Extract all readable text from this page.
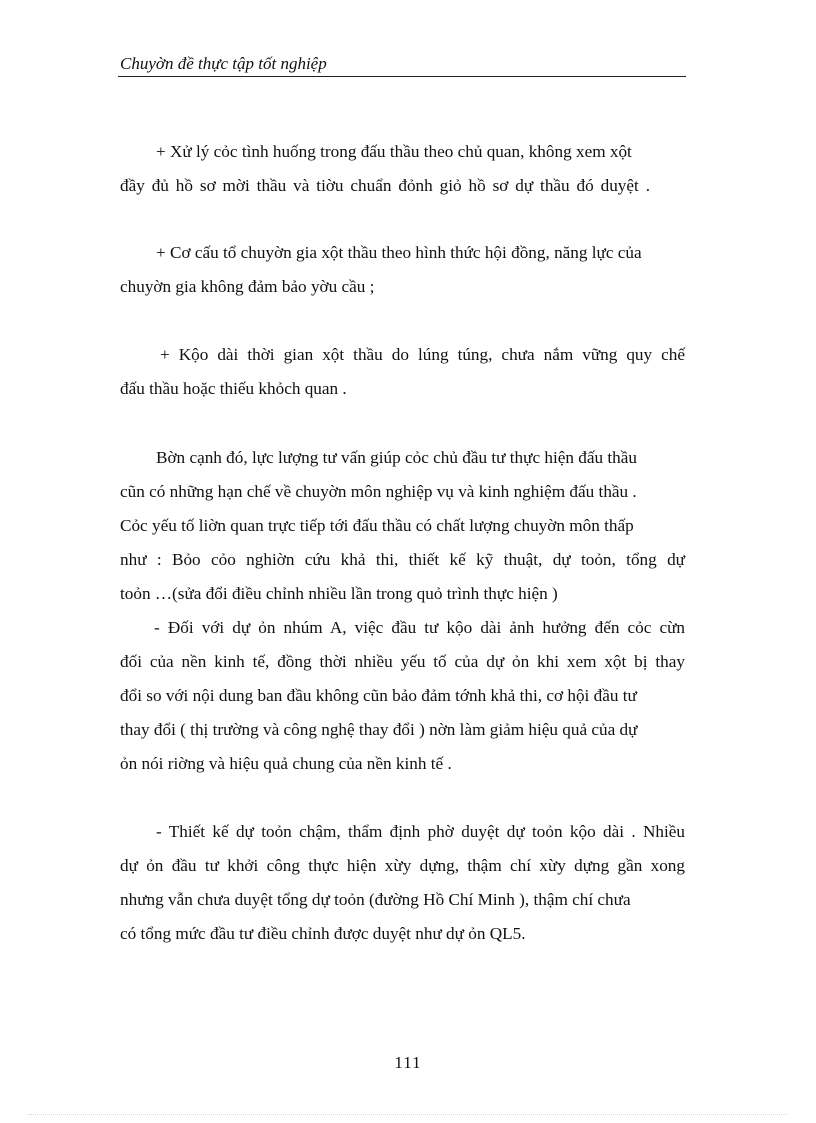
Chuyờn đề thực tập tốt nghiệp
+ Xử lý cỏc tình huống trong đấu thầu theo chủ quan, không xem xột
đầy đủ hồ sơ mời thầu và tiờu chuẩn đỏnh giỏ hồ sơ dự thầu đó duyệt .
+ Cơ cấu tổ chuyờn gia xột thầu theo hình thức hội đồng, năng lực của
chuyờn gia không đảm bảo yờu cầu ;
+ Kộo dài thời gian xột thầu do lúng túng, chưa nắm vững quy chế
đấu thầu hoặc thiếu khỏch quan .
Bờn cạnh đó, lực lượng tư vấn giúp cỏc chủ đầu tư thực hiện đấu thầu
cũn có những hạn chế về chuyờn môn nghiệp vụ và kinh nghiệm đấu thầu .
Cỏc yếu tố liờn quan trực tiếp tới đấu thầu có chất lượng chuyờn môn thấp
như : Bỏo cỏo nghiờn cứu khả thi, thiết kế kỹ thuật, dự toỏn, tổng dự
toỏn …(sửa đổi điều chỉnh nhiều lần trong quỏ trình thực hiện )
- Đối với dự ỏn nhúm A, việc đầu tư kộo dài ảnh hưởng đến cỏc cừn
đối của nền kinh tế, đồng thời nhiều yếu tố của dự ỏn khi xem xột bị thay
đổi so với nội dung ban đầu không cũn bảo đảm tớnh khả thi, cơ hội đầu tư
thay đổi ( thị trường và công nghệ thay đổi ) nờn làm giảm hiệu quả của dự
ỏn nói riờng và hiệu quả chung của nền kinh tế .
- Thiết kế dự toỏn chậm, thẩm định phờ duyệt dự toỏn kộo dài . Nhiều
dự ỏn đầu tư khởi công thực hiện xừy dựng, thậm chí xừy dựng gần xong
nhưng vẫn chưa duyệt tổng dự toỏn (đường Hồ Chí Minh ), thậm chí chưa
có tổng mức đầu tư điều chỉnh được duyệt như dự ỏn QL5.
111
